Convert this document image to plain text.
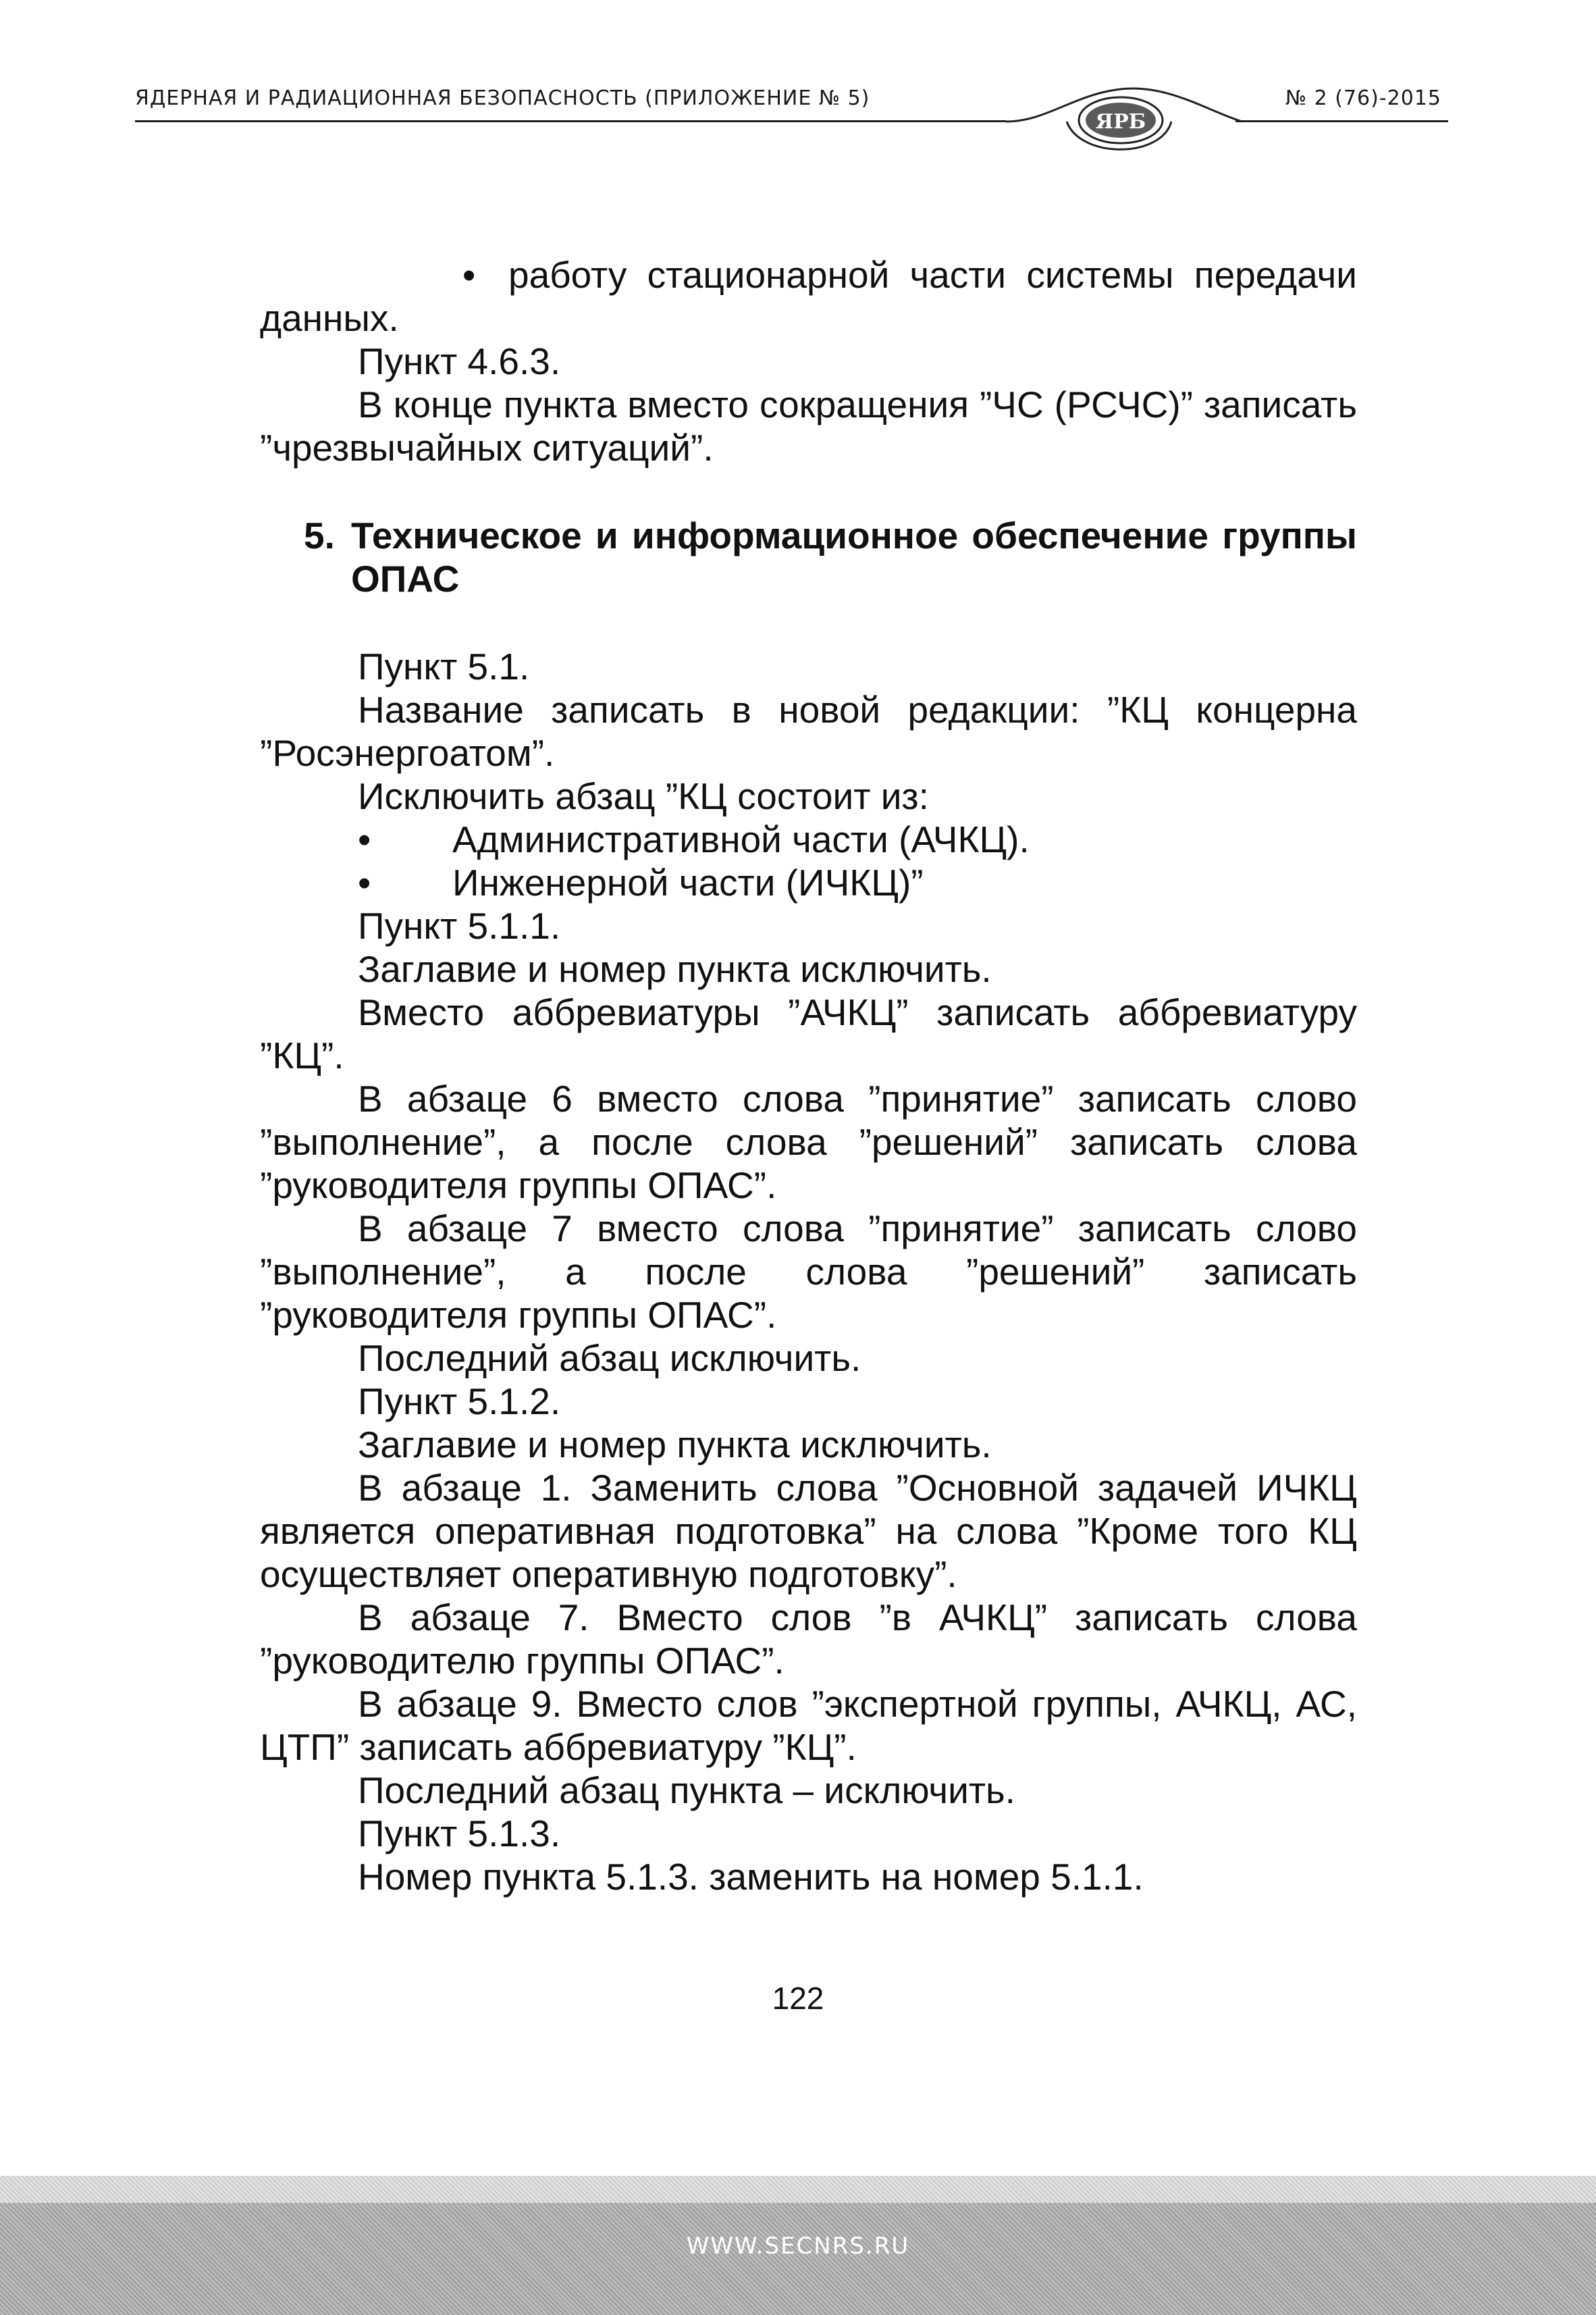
ЯДЕРНАЯ И РАДИАЦИОННАЯ БЕЗОПАСНОСТЬ (ПРИЛОЖЕНИЕ № 5)
ЯРБ
№ 2 (76)-2015

• работу стационарной части системы передачи данных.

Пункт 4.6.3.

В конце пункта вместо сокращения ”ЧС (РСЧС)” записать ”чрезвычайных ситуаций”.

5. Техническое и информационное обеспечение группы ОПАС

Пункт 5.1.

Название записать в новой редакции: ”КЦ концерна ”Росэнергоатом”.

Исключить абзац ”КЦ состоит из:

•	Административной части (АЧКЦ).
•	Инженерной части (ИЧКЦ)”

Пункт 5.1.1.

Заглавие и номер пункта исключить.

Вместо аббревиатуры ”АЧКЦ” записать аббревиатуру ”КЦ”.

В абзаце 6 вместо слова ”принятие” записать слово ”выполнение”, а после слова ”решений” записать слова ”руководителя группы ОПАС”.

В абзаце 7 вместо слова ”принятие” записать слово ”выполнение”, а после слова ”решений” записать ”руководителя группы ОПАС”.

Последний абзац исключить.

Пункт 5.1.2.

Заглавие и номер пункта исключить.

В абзаце 1. Заменить слова ”Основной задачей ИЧКЦ является оперативная подготовка” на слова ”Кроме того КЦ осуществляет оперативную подготовку”.

В абзаце 7. Вместо слов ”в АЧКЦ” записать слова ”руководителю группы ОПАС”.

В абзаце 9. Вместо слов ”экспертной группы, АЧКЦ, АС, ЦТП” записать аббревиатуру ”КЦ”.

Последний абзац пункта – исключить.

Пункт 5.1.3.

Номер пункта 5.1.3. заменить на номер 5.1.1.

122
WWW.SECNRS.RU
